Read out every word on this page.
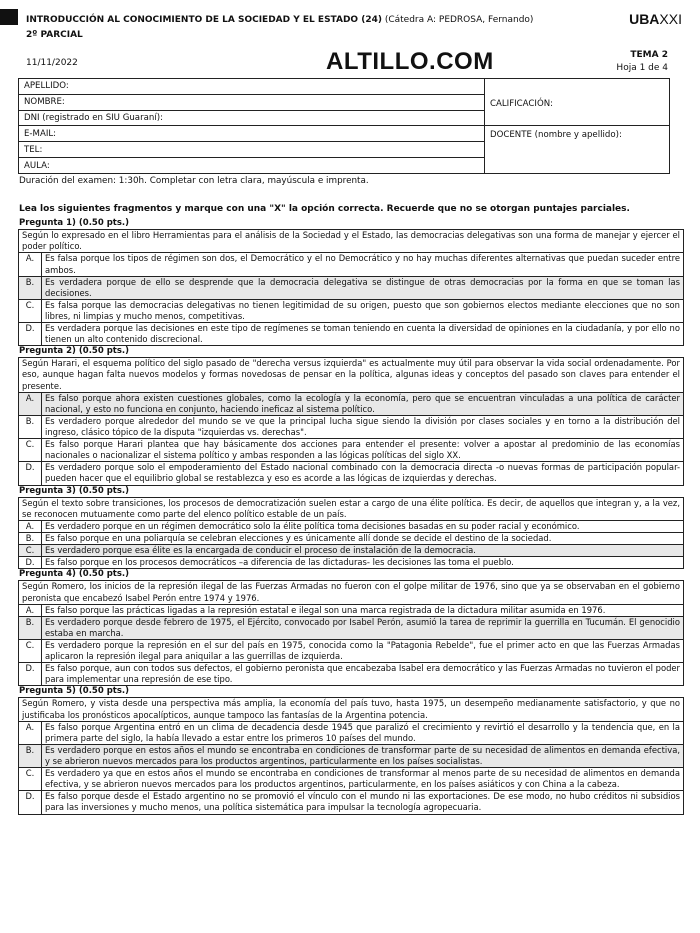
INTRODUCCIÓN AL CONOCIMIENTO DE LA SOCIEDAD Y EL ESTADO (24) (Cátedra A: PEDROSA, Fernando)
2º PARCIAL
UBAXXI
11/11/2022	ALTILLO.COM	TEMA 2
Hoja 1 de 4
APELLIDO:	CALIFICACIÓN:
NOMBRE:	
DNI (registrado en SIU Guaraní):	
E-MAIL:	DOCENTE (nombre y apellido):
TEL:	
AULA:	
Duración del examen: 1:30h. Completar con letra clara, mayúscula e imprenta.
Lea los siguientes fragmentos y marque con una "X" la opción correcta. Recuerde que no se otorgan puntajes parciales.
Pregunta 1) (0.50 pts.)
Según lo expresado en el libro Herramientas para el análisis de la Sociedad y el Estado, las democracias delegativas son una forma de manejar y ejercer el poder político.
A.	Es falsa porque los tipos de régimen son dos, el Democrático y el no Democrático y no hay muchas diferentes alternativas que puedan suceder entre ambos.
B.	Es verdadera porque de ello se desprende que la democracia delegativa se distingue de otras democracias por la forma en que se toman las decisiones.
C.	Es falsa porque las democracias delegativas no tienen legitimidad de su origen, puesto que son gobiernos electos mediante elecciones que no son libres, ni limpias y mucho menos, competitivas.
D.	Es verdadera porque las decisiones en este tipo de regímenes se toman teniendo en cuenta la diversidad de opiniones en la ciudadanía, y por ello no tienen un alto contenido discrecional.
Pregunta 2) (0.50 pts.)
Según Harari, el esquema político del siglo pasado de "derecha versus izquierda" es actualmente muy útil para observar la vida social ordenadamente. Por eso, aunque hagan falta nuevos modelos y formas novedosas de pensar en la política, algunas ideas y conceptos del pasado son claves para entender el presente.
A.	Es falso porque ahora existen cuestiones globales, como la ecología y la economía, pero que se encuentran vinculadas a una política de carácter nacional, y esto no funciona en conjunto, haciendo ineficaz al sistema político.
B.	Es verdadero porque alrededor del mundo se ve que la principal lucha sigue siendo la división por clases sociales y en torno a la distribución del ingreso, clásico tópico de la disputa "izquierdas vs. derechas".
C.	Es falso porque Harari plantea que hay básicamente dos acciones para entender el presente: volver a apostar al predominio de las economías nacionales o nacionalizar el sistema político y ambas responden a las lógicas políticas del siglo XX.
D.	Es verdadero porque solo el empoderamiento del Estado nacional combinado con la democracia directa -o nuevas formas de participación popular- pueden hacer que el equilibrio global se restablezca y eso es acorde a las lógicas de izquierdas y derechas.
Pregunta 3) (0.50 pts.)
Según el texto sobre transiciones, los procesos de democratización suelen estar a cargo de una élite política. Es decir, de aquellos que integran y, a la vez, se reconocen mutuamente como parte del elenco político estable de un país.
A.	Es verdadero porque en un régimen democrático solo la élite política toma decisiones basadas en su poder racial y económico.
B.	Es falso porque en una poliarquía se celebran elecciones y es únicamente allí donde se decide el destino de la sociedad.
C.	Es verdadero porque esa élite es la encargada de conducir el proceso de instalación de la democracia.
D.	Es falso porque en los procesos democráticos –a diferencia de las dictaduras- les decisiones las toma el pueblo.
Pregunta 4) (0.50 pts.)
Según Romero, los inicios de la represión ilegal de las Fuerzas Armadas no fueron con el golpe militar de 1976, sino que ya se observaban en el gobierno peronista que encabezó Isabel Perón entre 1974 y 1976.
A.	Es falso porque las prácticas ligadas a la represión estatal e ilegal son una marca registrada de la dictadura militar asumida en 1976.
B.	Es verdadero porque desde febrero de 1975, el Ejército, convocado por Isabel Perón, asumió la tarea de reprimir la guerrilla en Tucumán. El genocidio estaba en marcha.
C.	Es verdadero porque la represión en el sur del país en 1975, conocida como la "Patagonia Rebelde", fue el primer acto en que las Fuerzas Armadas aplicaron la represión ilegal para aniquilar a las guerrillas de izquierda.
D.	Es falso porque, aun con todos sus defectos, el gobierno peronista que encabezaba Isabel era democrático y las Fuerzas Armadas no tuvieron el poder para implementar una represión de ese tipo.
Pregunta 5) (0.50 pts.)
Según Romero, y vista desde una perspectiva más amplia, la economía del país tuvo, hasta 1975, un desempeño medianamente satisfactorio, y que no justificaba los pronósticos apocalípticos, aunque tampoco las fantasías de la Argentina potencia.
A.	Es falso porque Argentina entró en un clima de decadencia desde 1945 que paralizó el crecimiento y revirtió el desarrollo y la tendencia que, en la primera parte del siglo, la había llevado a estar entre los primeros 10 países del mundo.
B.	Es verdadero porque en estos años el mundo se encontraba en condiciones de transformar parte de su necesidad de alimentos en demanda efectiva, y se abrieron nuevos mercados para los productos argentinos, particularmente en los países socialistas.
C.	Es verdadero ya que en estos años el mundo se encontraba en condiciones de transformar al menos parte de su necesidad de alimentos en demanda efectiva, y se abrieron nuevos mercados para los productos argentinos, particularmente, en los países asiáticos y con China a la cabeza.
D.	Es falso porque desde el Estado argentino no se promovió el vínculo con el mundo ni las exportaciones. De ese modo, no hubo créditos ni subsidios para las inversiones y mucho menos, una política sistemática para impulsar la tecnología agropecuaria.
